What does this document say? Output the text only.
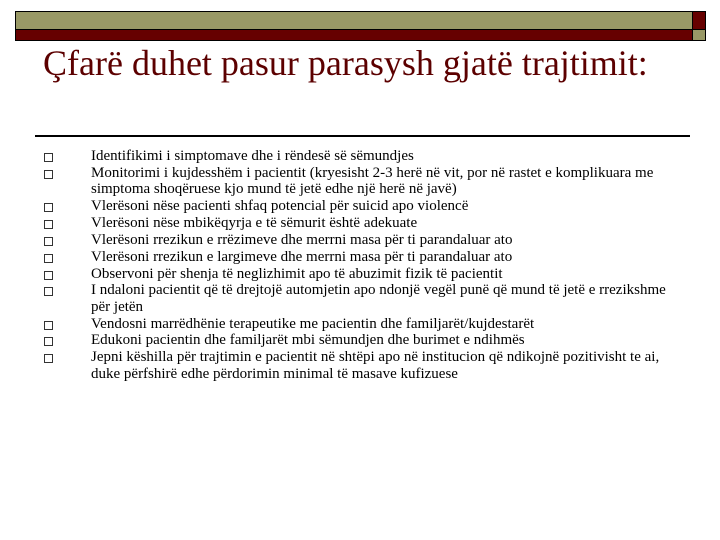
Çfarë duhet pasur parasysh gjatë trajtimit:
Identifikimi i simptomave dhe i rëndesë së sëmundjes
Monitorimi i kujdesshëm i pacientit (kryesisht 2-3 herë në vit, por në rastet e komplikuara me simptoma shoqëruese kjo mund të jetë edhe një herë në javë)
Vlerësoni nëse pacienti shfaq potencial për suicid apo violencë
Vlerësoni nëse mbikëqyrja e të sëmurit është adekuate
Vlerësoni rrezikun e rrëzimeve dhe merrni masa për ti parandaluar ato
Vlerësoni rrezikun e largimeve dhe merrni masa për ti parandaluar ato
Observoni për shenja të neglizhimit apo të abuzimit fizik të pacientit
I ndaloni pacientit që të drejtojë automjetin apo ndonjë vegël punë që mund të jetë e rrezikshme për jetën
Vendosni marrëdhënie terapeutike me pacientin dhe familjarët/kujdestarët
Edukoni pacientin dhe familjarët mbi sëmundjen dhe burimet e ndihmës
Jepni këshilla për trajtimin e pacientit në shtëpi apo në institucion që ndikojnë pozitivisht te ai, duke përfshirë edhe përdorimin minimal të masave kufizuese
